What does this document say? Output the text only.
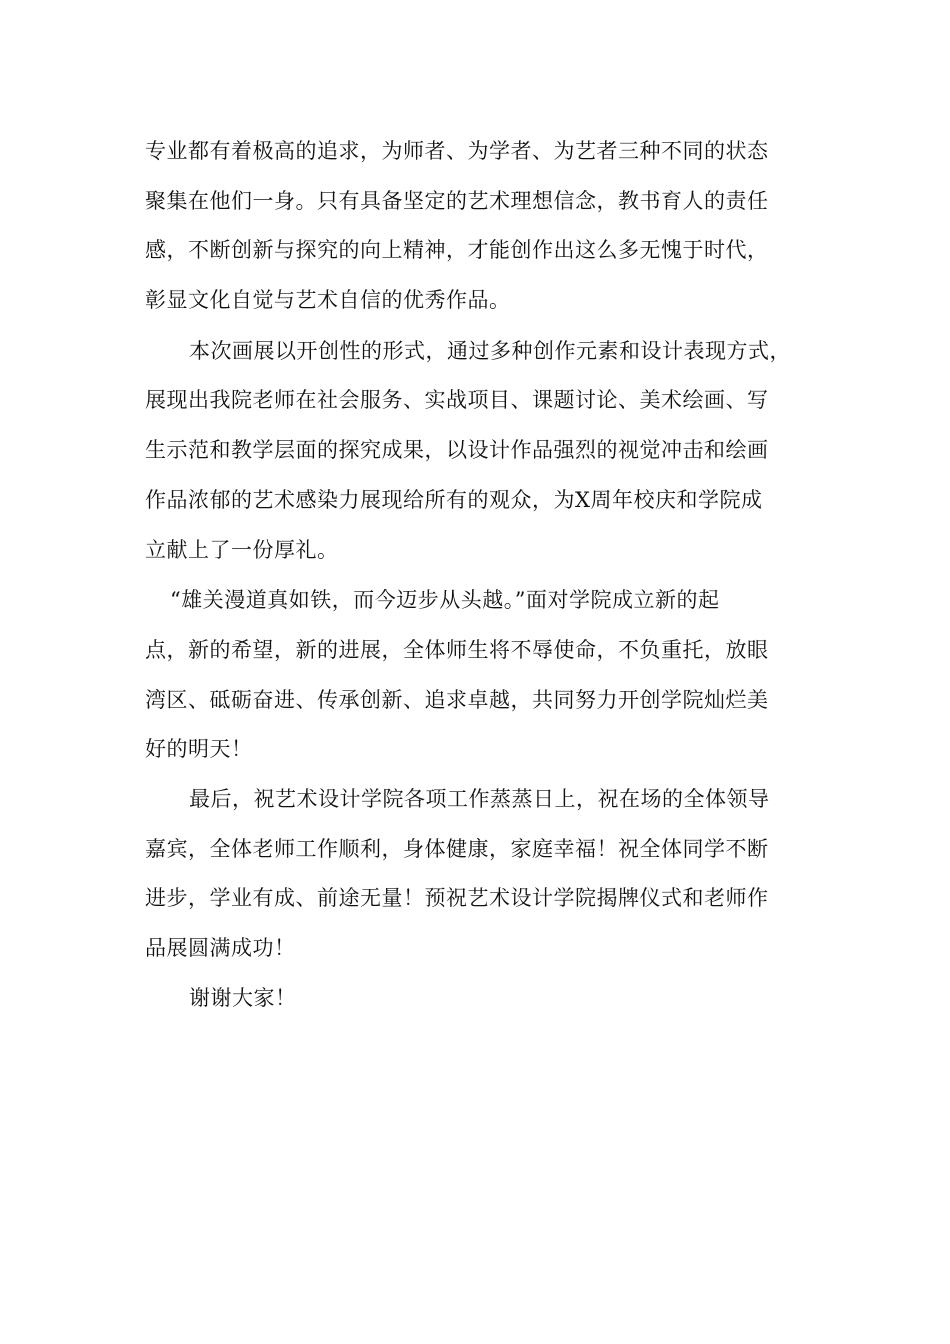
专业都有着极高的追求，为师者、为学者、为艺者三种不同的状态
聚集在他们一身。只有具备坚定的艺术理想信念，教书育人的责任
感，不断创新与探究的向上精神，才能创作出这么多无愧于时代，
彰显文化自觉与艺术自信的优秀作品。
本次画展以开创性的形式，通过多种创作元素和设计表现方式，
展现出我院老师在社会服务、实战项目、课题讨论、美术绘画、写
生示范和教学层面的探究成果，以设计作品强烈的视觉冲击和绘画
作品浓郁的艺术感染力展现给所有的观众，为X周年校庆和学院成
立献上了一份厚礼。
“雄关漫道真如铁，而今迈步从头越。”面对学院成立新的起
点，新的希望，新的进展，全体师生将不辱使命，不负重托，放眼
湾区、砥砺奋进、传承创新、追求卓越，共同努力开创学院灿烂美
好的明天！
最后，祝艺术设计学院各项工作蒸蒸日上，祝在场的全体领导
嘉宾，全体老师工作顺利，身体健康，家庭幸福！祝全体同学不断
进步，学业有成、前途无量！预祝艺术设计学院揭牌仪式和老师作
品展圆满成功！
谢谢大家！
